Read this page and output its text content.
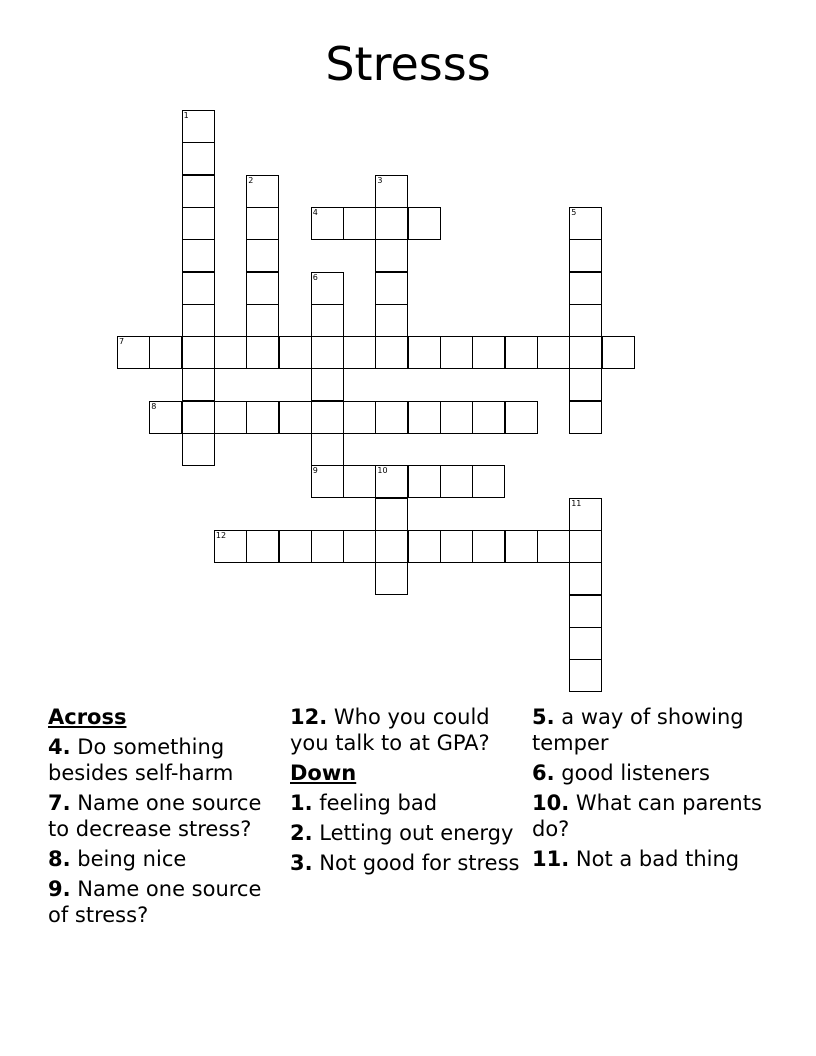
Stresss
1
2	3
4	5
6
9
7
8
10
11
12
Across
4. Do something besides self-harm
7. Name one source to decrease stress?
8. being nice
9. Name one source of stress?
12. Who you could you talk to at GPA?
Down
1. feeling bad
2. Letting out energy
3. Not good for stress
5. a way of showing temper
6. good listeners
10. What can parents do?
11. Not a bad thing
